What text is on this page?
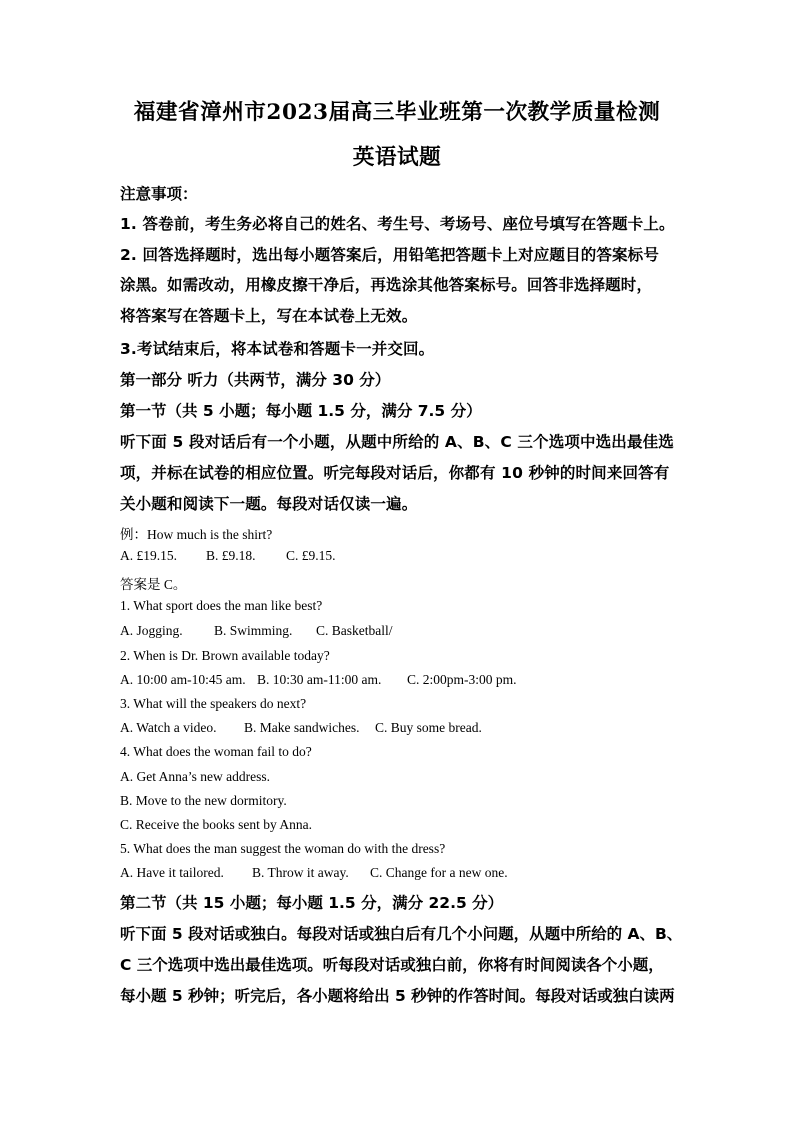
福建省漳州市2023届高三毕业班第一次教学质量检测
英语试题
注意事项：
1. 答卷前，考生务必将自己的姓名、考生号、考场号、座位号填写在答题卡上。
2. 回答选择题时，选出每小题答案后，用铅笔把答题卡上对应题目的答案标号
涂黑。如需改动，用橡皮擦干净后，再选涂其他答案标号。回答非选择题时，
将答案写在答题卡上，写在本试卷上无效。
3.考试结束后，将本试卷和答题卡一并交回。
第一部分 听力（共两节，满分 30 分）
第一节（共 5 小题；每小题 1.5 分，满分 7.5 分）
听下面 5 段对话后有一个小题，从题中所给的 A、B、C 三个选项中选出最佳选
项，并标在试卷的相应位置。听完每段对话后，你都有 10 秒钟的时间来回答有
关小题和阅读下一题。每段对话仅读一遍。
例：How much is the shirt?
A. £19.15. B. £9.18. C. £9.15.
答案是 C。
1. What sport does the man like best?
A. Jogging. B. Swimming. C. Basketball/
2. When is Dr. Brown available today?
A. 10:00 am-10:45 am. B. 10:30 am-11:00 am. C. 2:00pm-3:00 pm.
3. What will the speakers do next?
A. Watch a video. B. Make sandwiches. C. Buy some bread.
4. What does the woman fail to do?
A. Get Anna’s new address.
B. Move to the new dormitory.
C. Receive the books sent by Anna.
5. What does the man suggest the woman do with the dress?
A. Have it tailored. B. Throw it away. C. Change for a new one.
第二节（共 15 小题；每小题 1.5 分，满分 22.5 分）
听下面 5 段对话或独白。每段对话或独白后有几个小问题，从题中所给的 A、B、
C 三个选项中选出最佳选项。听每段对话或独白前，你将有时间阅读各个小题，
每小题 5 秒钟；听完后，各小题将给出 5 秒钟的作答时间。每段对话或独白读两
